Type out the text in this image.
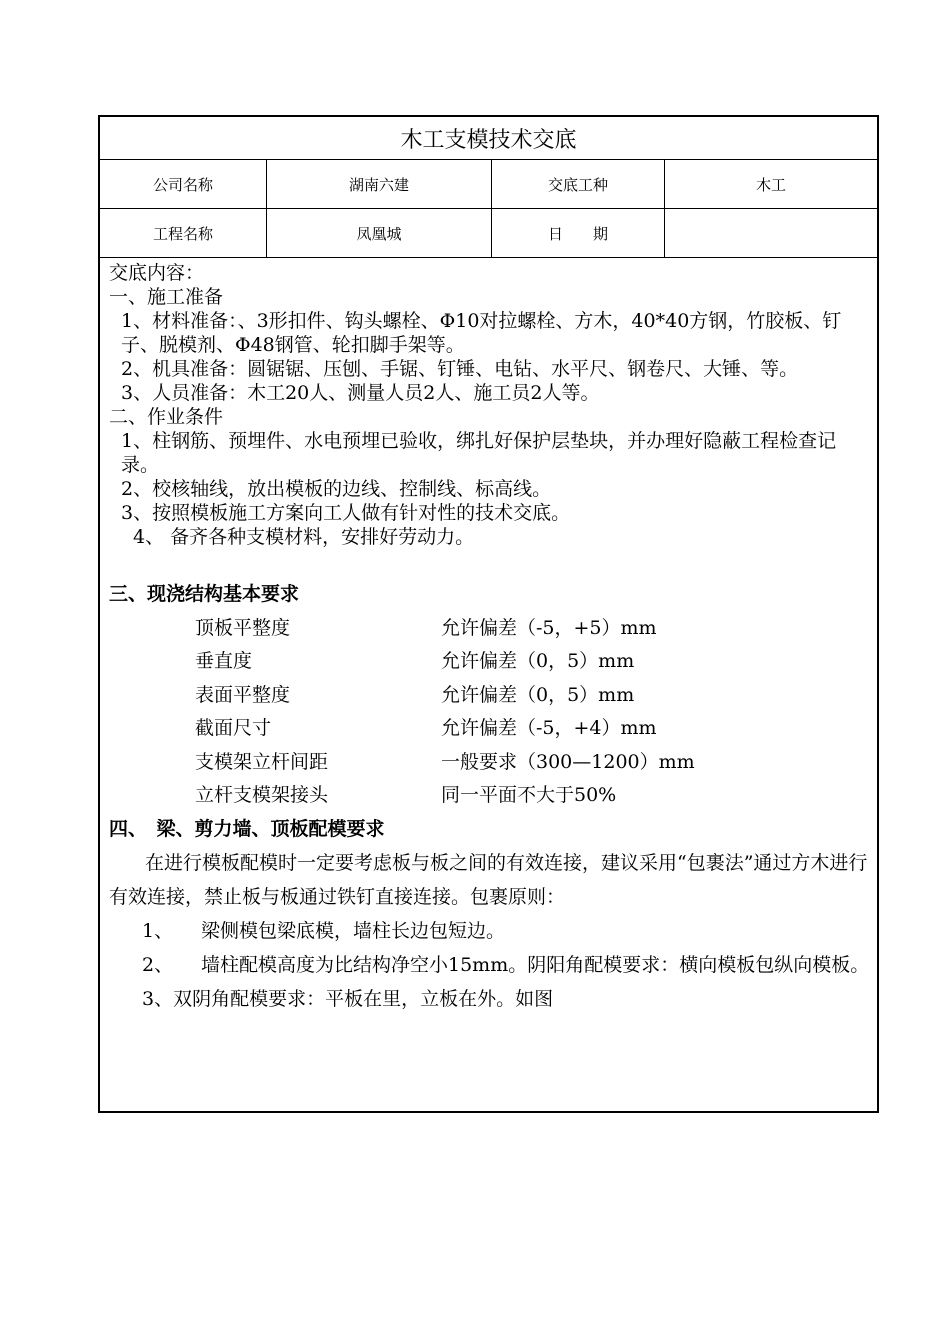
木工支模技术交底
公司名称	湖南六建	交底工种	木工
工程名称	凤凰城	日　　期

交底内容：

一、施工准备

1、材料准备：、3形扣件、钩头螺栓、Φ10对拉螺栓、方木，40*40方钢，竹胶板、钉子、脱模剂、Φ48钢管、轮扣脚手架等。

2、机具准备：圆锯锯、压刨、手锯、钉锤、电钻、水平尺、钢卷尺、大锤、等。

3、人员准备：木工20人、测量人员2人、施工员2人等。

二、作业条件

1、柱钢筋、预埋件、水电预埋已验收，绑扎好保护层垫块，并办理好隐蔽工程检查记录。

2、校核轴线，放出模板的边线、控制线、标高线。

3、按照模板施工方案向工人做有针对性的技术交底。

4、 备齐各种支模材料，安排好劳动力。

三、现浇结构基本要求

顶板平整度	允许偏差（-5，+5）mm
垂直度	允许偏差（0，5）mm
表面平整度	允许偏差（0，5）mm
截面尺寸	允许偏差（-5，+4）mm
支模架立杆间距	一般要求（300—1200）mm
立杆支模架接头	同一平面不大于50%

四、　梁、剪力墙、顶板配模要求

在进行模板配模时一定要考虑板与板之间的有效连接，建议采用“包裹法”通过方木进行有效连接，禁止板与板通过铁钉直接连接。包裹原则：

1、	梁侧模包梁底模，墙柱长边包短边。
2、	墙柱配模高度为比结构净空小15mm。阴阳角配模要求：横向模板包纵向模板。

3、双阴角配模要求：平板在里，立板在外。如图
